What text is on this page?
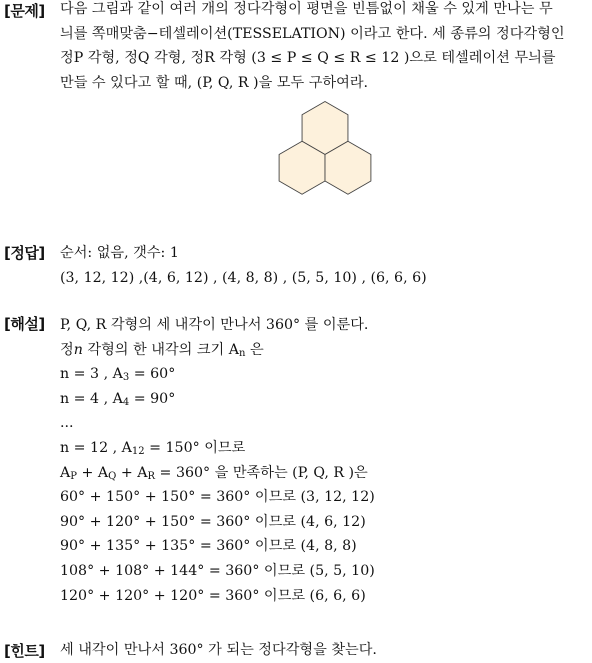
[문제] 다음 그림과 같이 여러 개의 정다각형이 평면을 빈틈없이 채울 수 있게 만나는 무
늬를 쪽매맞춤−테셀레이션(TESSELATION) 이라고 한다. 세 종류의 정다각형인
정P 각형, 정Q 각형, 정R 각형 (3 ≤ P ≤ Q ≤ R ≤ 12 )으로 테셀레이션 무늬를
만들 수 있다고 할 때, (P, Q, R )을 모두 구하여라.
[정답] 순서: 없음, 갯수: 1
(3, 12, 12) ,(4, 6, 12) , (4, 8, 8) , (5, 5, 10) , (6, 6, 6)
[해설] P, Q, R 각형의 세 내각이 만나서 360° 를 이룬다.
정n 각형의 한 내각의 크기 $A_n$ 은
n = 3 , $A_3 = 60^\circ$
n = 4 , $A_4 = 90^\circ$
...
n = 12 , $A_{12} = 150^\circ$ 이므로
$A_P + A_Q + A_R = 360^\circ$ 을 만족하는 (P, Q, R )은
60° + 150° + 150° = 360° 이므로 (3, 12, 12)
90° + 120° + 150° = 360° 이므로 (4, 6, 12)
90° + 135° + 135° = 360° 이므로 (4, 8, 8)
108° + 108° + 144° = 360° 이므로 (5, 5, 10)
120° + 120° + 120° = 360° 이므로 (6, 6, 6)
[힌트] 세 내각이 만나서 360° 가 되는 정다각형을 찾는다.
